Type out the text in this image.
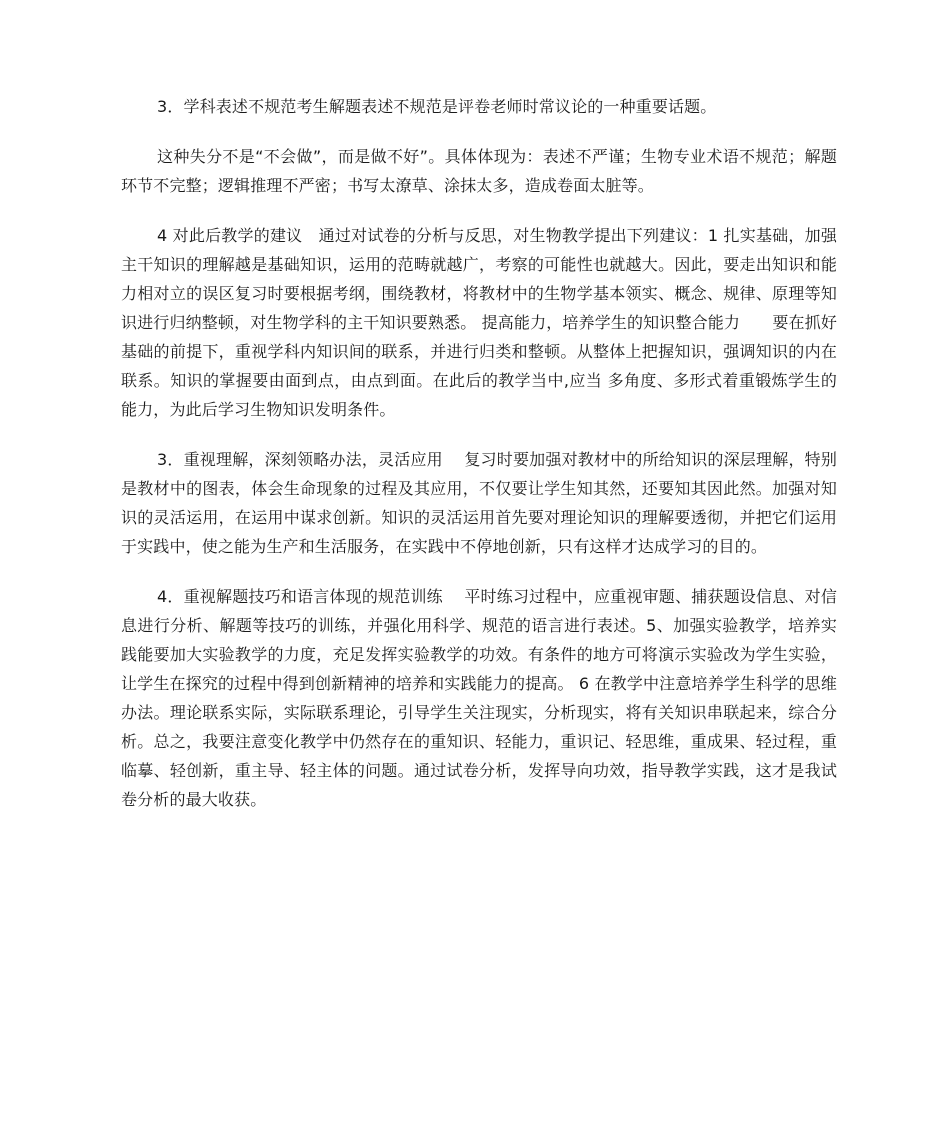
3．学科表述不规范考生解题表述不规范是评卷老师时常议论的一种重要话题。

这种失分不是“不会做”，而是做不好”。具体体现为：表述不严谨；生物专业术语不规范；解题环节不完整；逻辑推理不严密；书写太潦草、涂抹太多，造成卷面太脏等。

4 对此后教学的建议　通过对试卷的分析与反思，对生物教学提出下列建议：1 扎实基础，加强主干知识的理解越是基础知识，运用的范畴就越广，考察的可能性也就越大。因此，要走出知识和能力相对立的误区复习时要根据考纲，围绕教材，将教材中的生物学基本领实、概念、规律、原理等知识进行归纳整顿，对生物学科的主干知识要熟悉。 提高能力，培养学生的知识整合能力　　要在抓好基础的前提下，重视学科内知识间的联系，并进行归类和整顿。从整体上把握知识，强调知识的内在联系。知识的掌握要由面到点，由点到面。在此后的教学当中,应当 多角度、多形式着重锻炼学生的能力，为此后学习生物知识发明条件。

3．重视理解，深刻领略办法，灵活应用　 复习时要加强对教材中的所给知识的深层理解，特别是教材中的图表，体会生命现象的过程及其应用，不仅要让学生知其然，还要知其因此然。加强对知识的灵活运用，在运用中谋求创新。知识的灵活运用首先要对理论知识的理解要透彻，并把它们运用于实践中，使之能为生产和生活服务，在实践中不停地创新，只有这样才达成学习的目的。

4．重视解题技巧和语言体现的规范训练　 平时练习过程中，应重视审题、捕获题设信息、对信息进行分析、解题等技巧的训练，并强化用科学、规范的语言进行表述。5、加强实验教学，培养实践能要加大实验教学的力度，充足发挥实验教学的功效。有条件的地方可将演示实验改为学生实验，让学生在探究的过程中得到创新精神的培养和实践能力的提高。 6 在教学中注意培养学生科学的思维办法。理论联系实际，实际联系理论，引导学生关注现实，分析现实，将有关知识串联起来，综合分析。总之，我要注意变化教学中仍然存在的重知识、轻能力，重识记、轻思维，重成果、轻过程，重临摹、轻创新，重主导、轻主体的问题。通过试卷分析，发挥导向功效，指导教学实践，这才是我试卷分析的最大收获。
